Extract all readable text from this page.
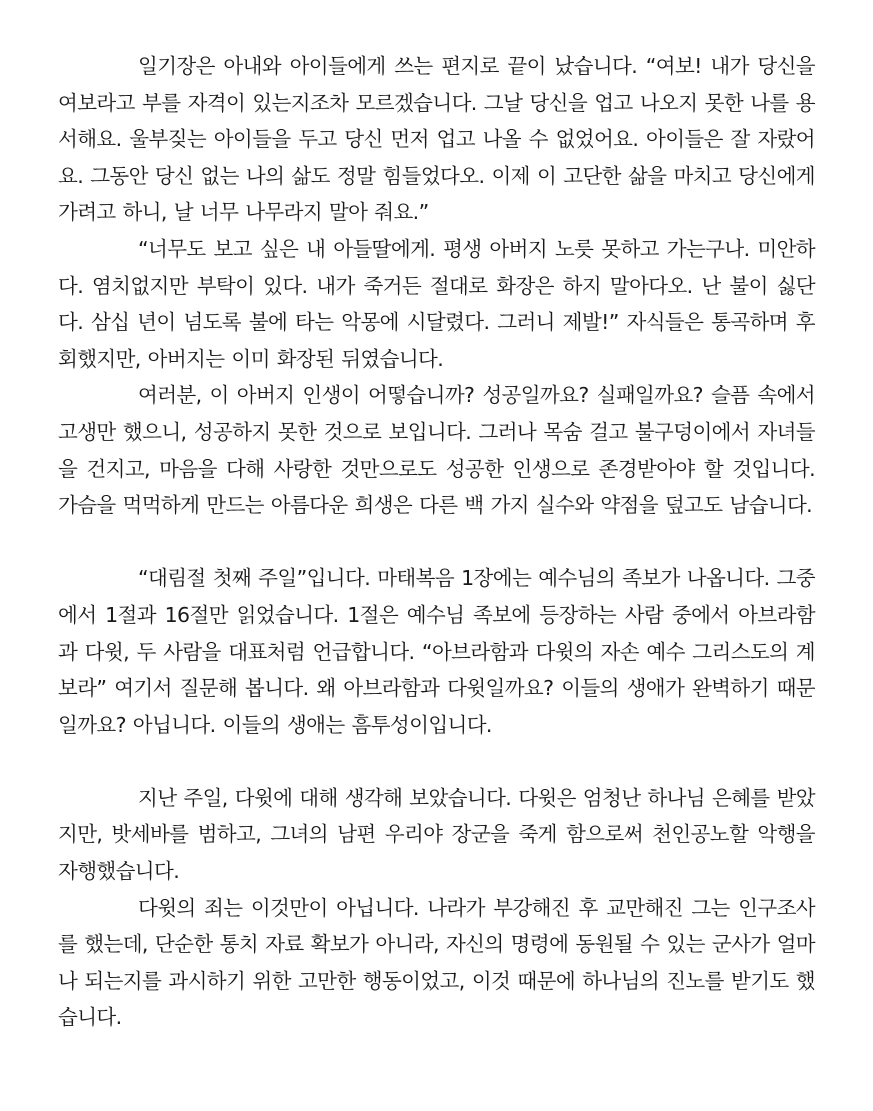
일기장은 아내와 아이들에게 쓰는 편지로 끝이 났습니다. “여보! 내가 당신을 여보라고 부를 자격이 있는지조차 모르겠습니다. 그날 당신을 업고 나오지 못한 나를 용서해요. 울부짖는 아이들을 두고 당신 먼저 업고 나올 수 없었어요. 아이들은 잘 자랐어요. 그동안 당신 없는 나의 삶도 정말 힘들었다오. 이제 이 고단한 삶을 마치고 당신에게 가려고 하니, 날 너무 나무라지 말아 줘요.”

“너무도 보고 싶은 내 아들딸에게. 평생 아버지 노릇 못하고 가는구나. 미안하다. 염치없지만 부탁이 있다. 내가 죽거든 절대로 화장은 하지 말아다오. 난 불이 싫단다. 삼십 년이 넘도록 불에 타는 악몽에 시달렸다. 그러니 제발!” 자식들은 통곡하며 후회했지만, 아버지는 이미 화장된 뒤였습니다.

여러분, 이 아버지 인생이 어떻습니까? 성공일까요? 실패일까요? 슬픔 속에서 고생만 했으니, 성공하지 못한 것으로 보입니다. 그러나 목숨 걸고 불구덩이에서 자녀들을 건지고, 마음을 다해 사랑한 것만으로도 성공한 인생으로 존경받아야 할 것입니다. 가슴을 먹먹하게 만드는 아름다운 희생은 다른 백 가지 실수와 약점을 덮고도 남습니다.

“대림절 첫째 주일”입니다. 마태복음 1장에는 예수님의 족보가 나옵니다. 그중에서 1절과 16절만 읽었습니다. 1절은 예수님 족보에 등장하는 사람 중에서 아브라함과 다윗, 두 사람을 대표처럼 언급합니다. “아브라함과 다윗의 자손 예수 그리스도의 계보라” 여기서 질문해 봅니다. 왜 아브라함과 다윗일까요? 이들의 생애가 완벽하기 때문일까요? 아닙니다. 이들의 생애는 흠투성이입니다.

지난 주일, 다윗에 대해 생각해 보았습니다. 다윗은 엄청난 하나님 은혜를 받았지만, 밧세바를 범하고, 그녀의 남편 우리야 장군을 죽게 함으로써 천인공노할 악행을 자행했습니다.

다윗의 죄는 이것만이 아닙니다. 나라가 부강해진 후 교만해진 그는 인구조사를 했는데, 단순한 통치 자료 확보가 아니라, 자신의 명령에 동원될 수 있는 군사가 얼마나 되는지를 과시하기 위한 고만한 행동이었고, 이것 때문에 하나님의 진노를 받기도 했습니다.
